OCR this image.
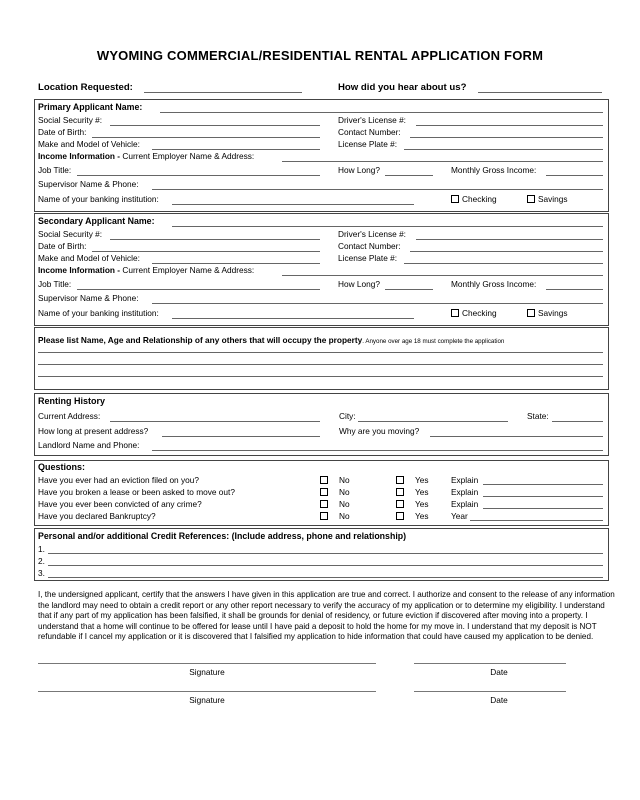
WYOMING COMMERCIAL/RESIDENTIAL RENTAL APPLICATION FORM
Location Requested:	How did you hear about us?
Primary Applicant Name:
Social Security #:	Driver's License #:
Date of Birth:	Contact Number:
Make and Model of Vehicle:	License Plate #:
Income Information - Current Employer Name & Address:
Job Title:	How Long?	Monthly Gross Income:
Supervisor Name & Phone:
Name of your banking institution:	Checking	Savings
Secondary Applicant Name:
Social Security #:	Driver's License #:
Date of Birth:	Contact Number:
Make and Model of Vehicle:	License Plate #:
Income Information - Current Employer Name & Address:
Job Title:	How Long?	Monthly Gross Income:
Supervisor Name & Phone:
Name of your banking institution:	Checking	Savings
Please list Name, Age and Relationship of any others that will occupy the property. Anyone over age 18 must complete the application
Renting History
Current Address:	City:	State:
How long at present address?	Why are you moving?
Landlord Name and Phone:
Questions:
Have you ever had an eviction filed on you?	No	Yes	Explain
Have you broken a lease or been asked to move out?	No	Yes	Explain
Have you ever been convicted of any crime?	No	Yes	Explain
Have you declared Bankruptcy?	No	Yes	Year
Personal and/or additional Credit References: (Include address, phone and relationship)
1.
2.
3.
I, the undersigned applicant, certify that the answers I have given in this application are true and correct. I authorize and consent to the release of any information the landlord may need to obtain a credit report or any other report necessary to verify the accuracy of my application or to determine my eligibility. I understand that if any part of my application has been falsified, it shall be grounds for denial of residency, or future eviction if discovered after moving into a property. I understand that a home will continue to be offered for lease until I have paid a deposit to hold the home for my move in. I understand that my deposit is NOT refundable if I cancel my application or it is discovered that I falsified my application to hide information that could have caused my application to be denied.
Signature	Date
Signature	Date
